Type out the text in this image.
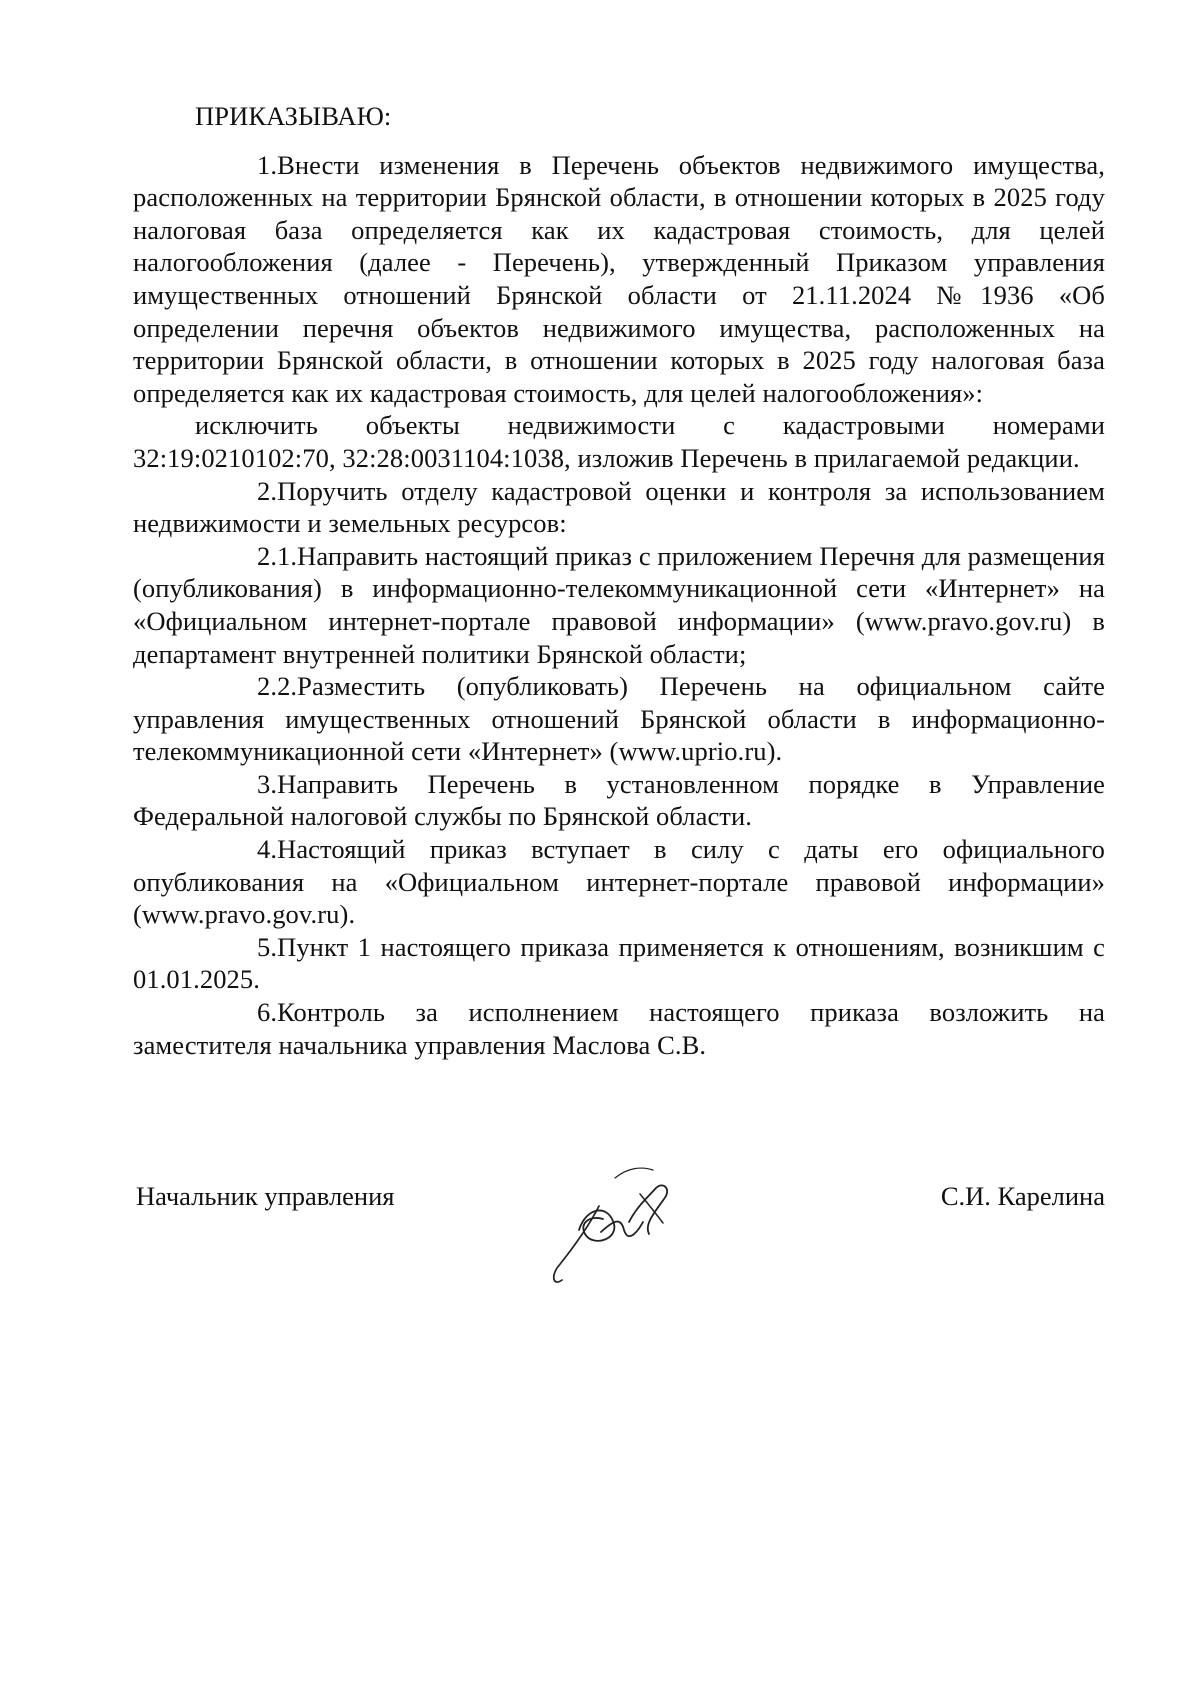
ПРИКАЗЫВАЮ:

1.Внести изменения в Перечень объектов недвижимого имущества, расположенных на территории Брянской области, в отношении которых в 2025 году налоговая база определяется как их кадастровая стоимость, для целей налогообложения (далее - Перечень), утвержденный Приказом управления имущественных отношений Брянской области от 21.11.2024 №1936 «Об определении перечня объектов недвижимого имущества, расположенных на территории Брянской области, в отношении которых в 2025 году налоговая база определяется как их кадастровая стоимость, для целей налогообложения»:

исключить объекты недвижимости с кадастровыми номерами 32:19:0210102:70, 32:28:0031104:1038, изложив Перечень в прилагаемой редакции.

2.Поручить отделу кадастровой оценки и контроля за использованием недвижимости и земельных ресурсов:

2.1.Направить настоящий приказ с приложением Перечня для размещения (опубликования) в информационно-телекоммуникационной сети «Интернет» на «Официальном интернет-портале правовой информации» (www.pravo.gov.ru) в департамент внутренней политики Брянской области;

2.2.Разместить (опубликовать) Перечень на официальном сайте управления имущественных отношений Брянской области в информационно-телекоммуникационной сети «Интернет» (www.uprio.ru).

3.Направить Перечень в установленном порядке в Управление Федеральной налоговой службы по Брянской области.

4.Настоящий приказ вступает в силу с даты его официального опубликования на «Официальном интернет-портале правовой информации» (www.pravo.gov.ru).

5.Пункт 1 настоящего приказа применяется к отношениям, возникшим с 01.01.2025.

6.Контроль за исполнением настоящего приказа возложить на заместителя начальника управления Маслова С.В.

Начальник управления	С.И. Карелина
